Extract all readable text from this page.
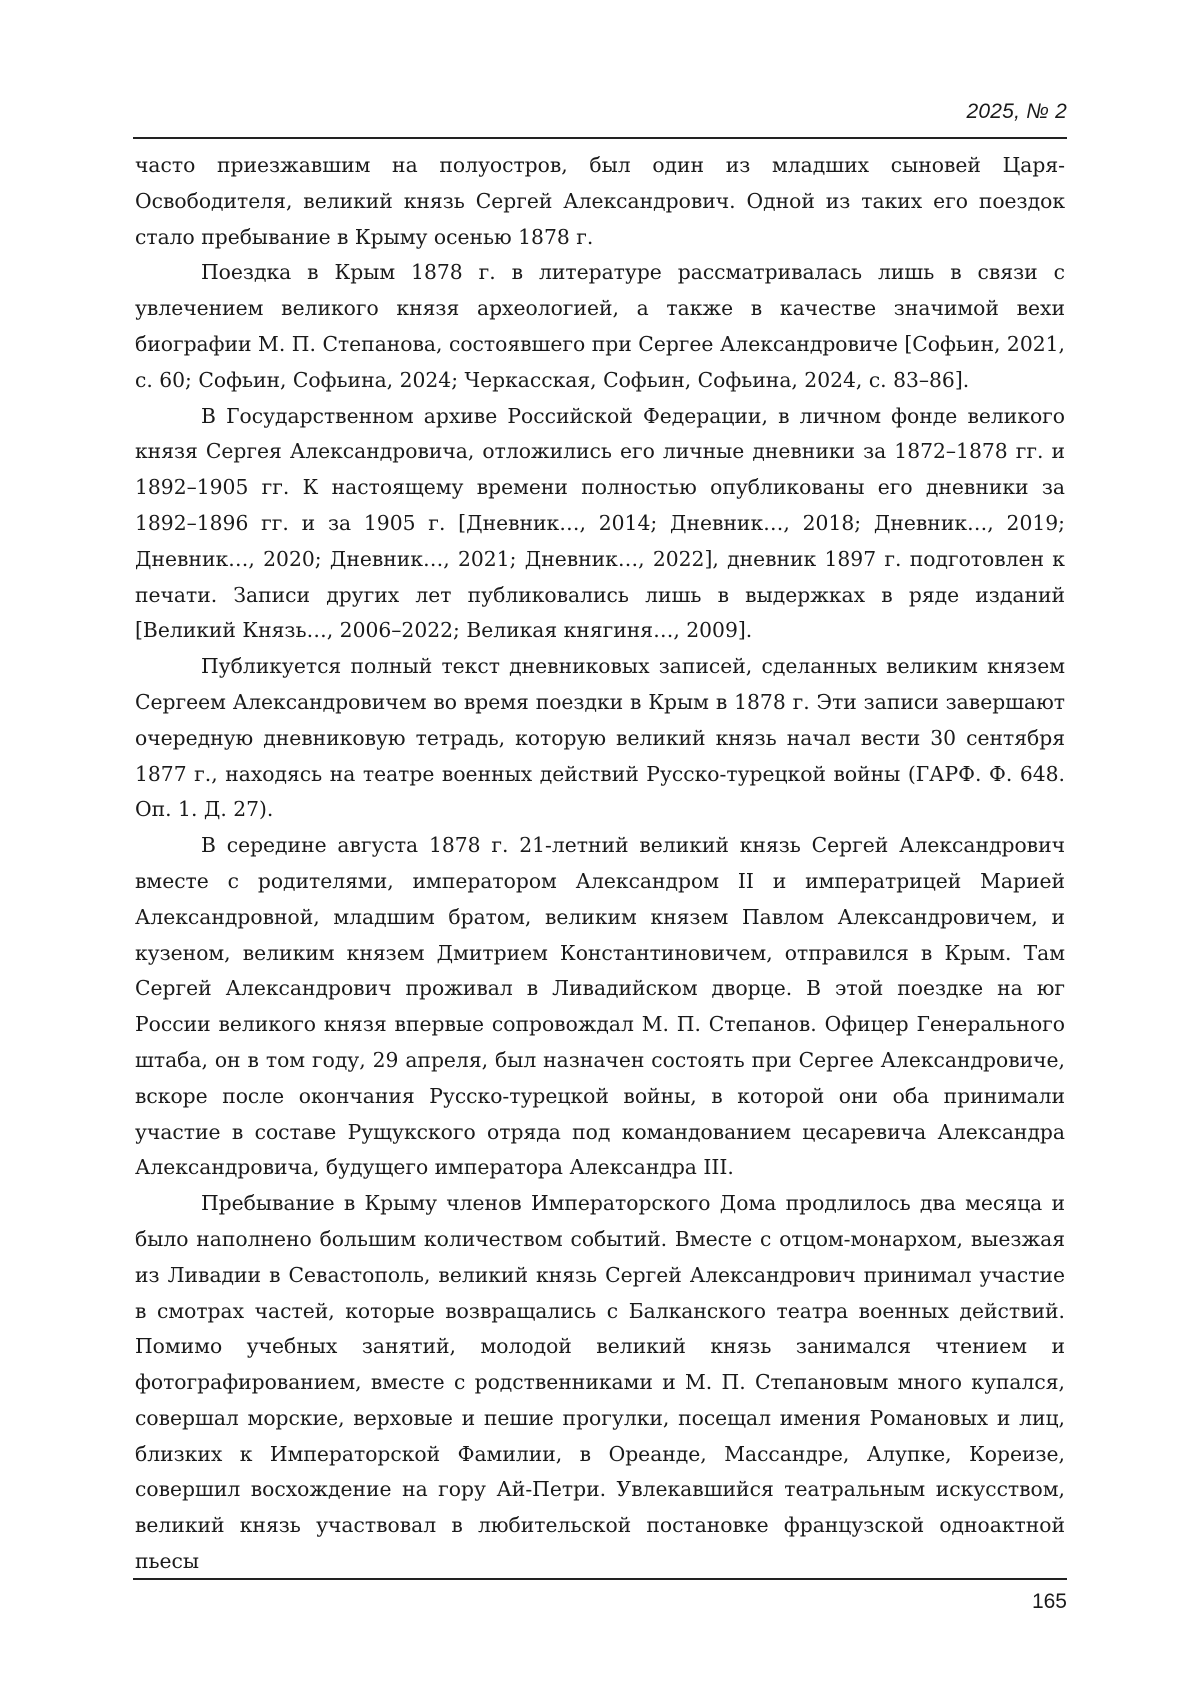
2025, № 2

часто приезжавшим на полуостров, был один из младших сыновей Царя-Освободителя, великий князь Сергей Александрович. Одной из таких его поездок стало пребывание в Крыму осенью 1878 г.

Поездка в Крым 1878 г. в литературе рассматривалась лишь в связи с увлечением великого князя археологией, а также в качестве значимой вехи биографии М. П. Степанова, состоявшего при Сергее Александровиче [Софьин, 2021, с. 60; Софьин, Софьина, 2024; Черкасская, Софьин, Софьина, 2024, с. 83–86].

В Государственном архиве Российской Федерации, в личном фонде великого князя Сергея Александровича, отложились его личные дневники за 1872–1878 гг. и 1892–1905 гг. К настоящему времени полностью опубликованы его дневники за 1892–1896 гг. и за 1905 г. [Дневник…, 2014; Дневник…, 2018; Дневник…, 2019; Дневник…, 2020; Дневник…, 2021; Дневник…, 2022], дневник 1897 г. подготовлен к печати. Записи других лет публиковались лишь в выдержках в ряде изданий [Великий Князь…, 2006–2022; Великая княгиня…, 2009].

Публикуется полный текст дневниковых записей, сделанных великим князем Сергеем Александровичем во время поездки в Крым в 1878 г. Эти записи завершают очередную дневниковую тетрадь, которую великий князь начал вести 30 сентября 1877 г., находясь на театре военных действий Русско-турецкой войны (ГАРФ. Ф. 648. Оп. 1. Д. 27).

В середине августа 1878 г. 21-летний великий князь Сергей Александрович вместе с родителями, императором Александром II и императрицей Марией Александровной, младшим братом, великим князем Павлом Александровичем, и кузеном, великим князем Дмитрием Константиновичем, отправился в Крым. Там Сергей Александрович проживал в Ливадийском дворце. В этой поездке на юг России великого князя впервые сопровождал М. П. Степанов. Офицер Генерального штаба, он в том году, 29 апреля, был назначен состоять при Сергее Александровиче, вскоре после окончания Русско-турецкой войны, в которой они оба принимали участие в составе Рущукского отряда под командованием цесаревича Александра Александровича, будущего императора Александра III.

Пребывание в Крыму членов Императорского Дома продлилось два месяца и было наполнено большим количеством событий. Вместе с отцом-монархом, выезжая из Ливадии в Севастополь, великий князь Сергей Александрович принимал участие в смотрах частей, которые возвращались с Балканского театра военных действий. Помимо учебных занятий, молодой великий князь занимался чтением и фотографированием, вместе с родственниками и М. П. Степановым много купался, совершал морские, верховые и пешие прогулки, посещал имения Романовых и лиц, близких к Императорской Фамилии, в Ореанде, Массандре, Алупке, Кореизе, совершил восхождение на гору Ай-Петри. Увлекавшийся театральным искусством, великий князь участвовал в любительской постановке французской одноактной пьесы

165
